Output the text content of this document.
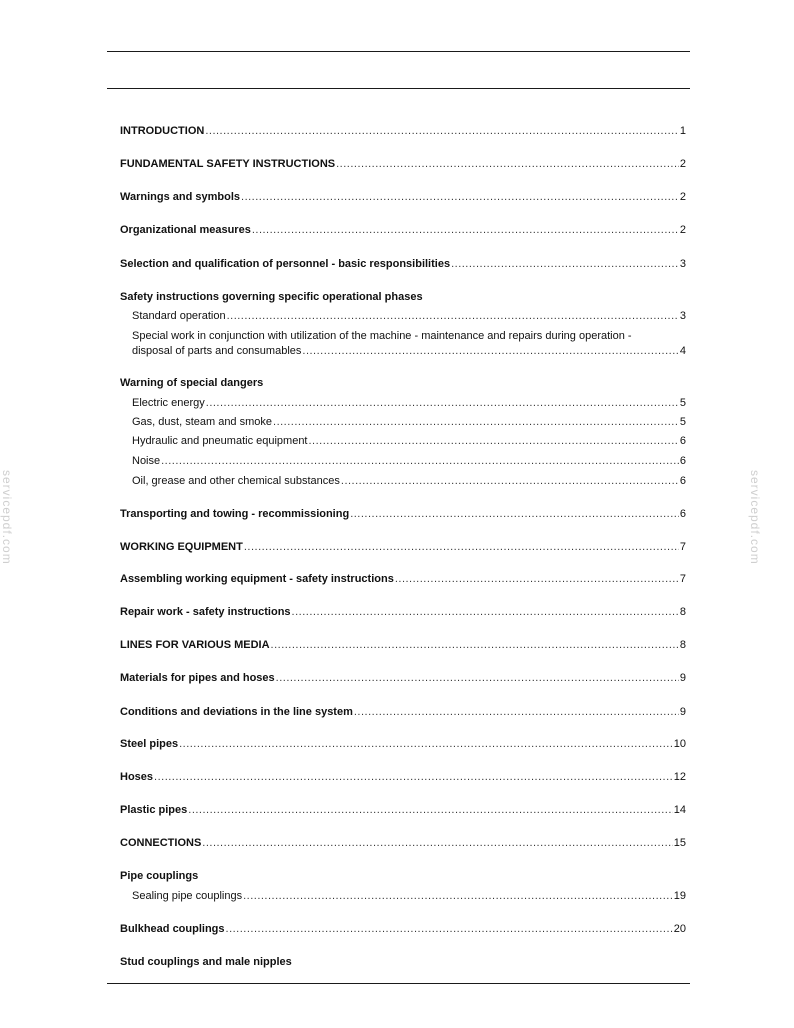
servicepdf.com	servicepdf.com
INTRODUCTION .....	1
FUNDAMENTAL SAFETY INSTRUCTIONS .....	2
Warnings and symbols .....	2
Organizational measures .....	2
Selection and qualification of personnel - basic responsibilities .....	3
Safety instructions governing specific operational phases
Standard operation .....	3
Special work in conjunction with utilization of the machine - maintenance and repairs during operation -
disposal of parts and consumables .....	4
Warning of special dangers
Electric energy .....	5
Gas, dust, steam and smoke .....	5
Hydraulic and pneumatic equipment .....	6
Noise .....	6
Oil, grease and other chemical substances .....	6
Transporting and towing - recommissioning .....	6
WORKING EQUIPMENT .....	7
Assembling working equipment - safety instructions .....	7
Repair work - safety instructions .....	8
LINES FOR VARIOUS MEDIA .....	8
Materials for pipes and hoses .....	9
Conditions and deviations in the line system .....	9
Steel pipes .....	10
Hoses .....	12
Plastic pipes .....	14
CONNECTIONS .....	15
Pipe couplings
Sealing pipe couplings .....	19
Bulkhead couplings .....	20
Stud couplings and male nipples
